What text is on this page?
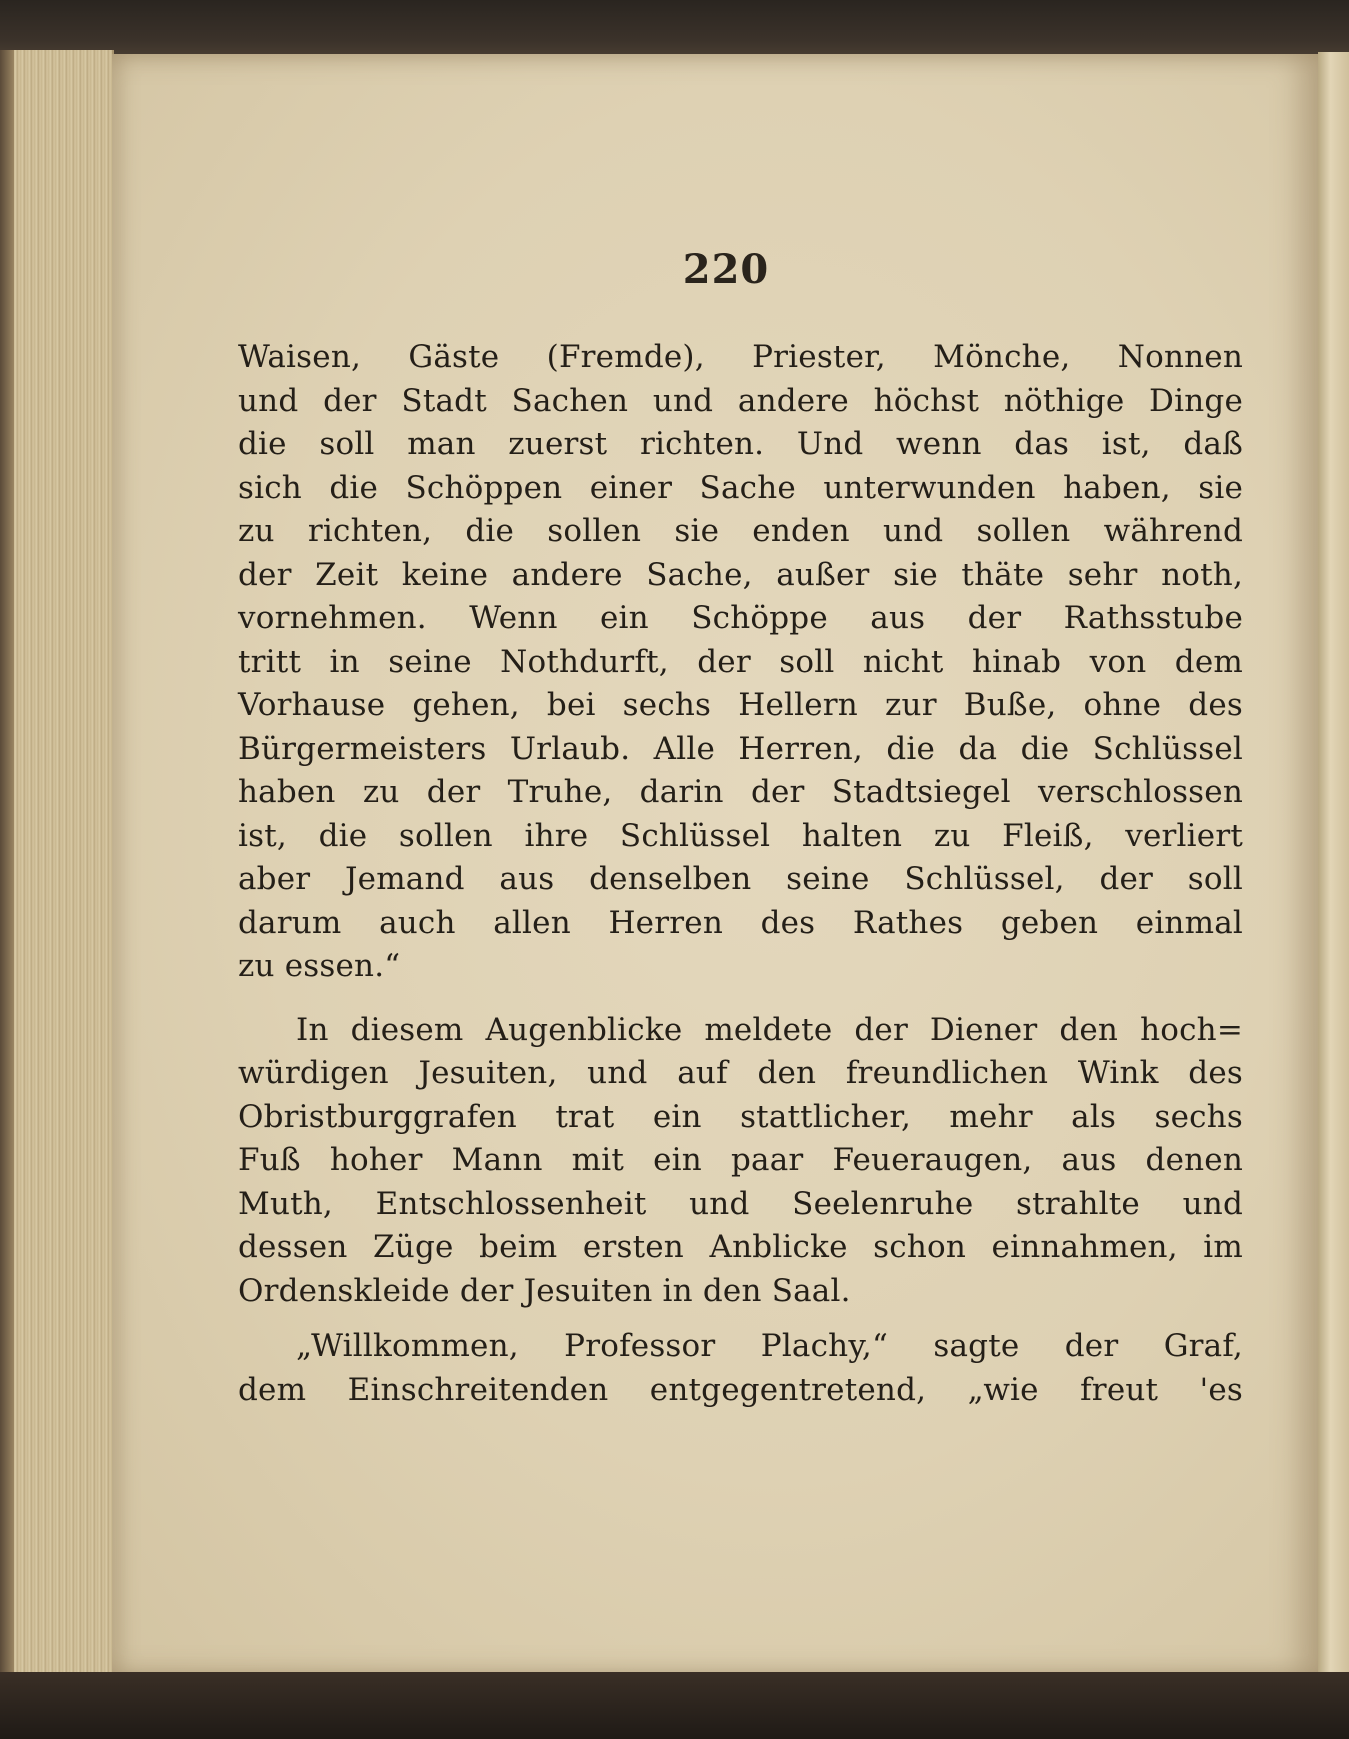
220
Waisen, Gäste (Fremde), Priester, Mönche, Nonnen
und der Stadt Sachen und andere höchst nöthige Dinge
die soll man zuerst richten. Und wenn das ist, daß
sich die Schöppen einer Sache unterwunden haben, sie
zu richten, die sollen sie enden und sollen während
der Zeit keine andere Sache, außer sie thäte sehr noth,
vornehmen. Wenn ein Schöppe aus der Rathsstube
tritt in seine Nothdurft, der soll nicht hinab von dem
Vorhause gehen, bei sechs Hellern zur Buße, ohne des
Bürgermeisters Urlaub. Alle Herren, die da die Schlüssel
haben zu der Truhe, darin der Stadtsiegel verschlossen
ist, die sollen ihre Schlüssel halten zu Fleiß, verliert
aber Jemand aus denselben seine Schlüssel, der soll
darum auch allen Herren des Rathes geben einmal
zu essen.“
In diesem Augenblicke meldete der Diener den hoch=
würdigen Jesuiten, und auf den freundlichen Wink des
Obristburggrafen trat ein stattlicher, mehr als sechs
Fuß hoher Mann mit ein paar Feueraugen, aus denen
Muth, Entschlossenheit und Seelenruhe strahlte und
dessen Züge beim ersten Anblicke schon einnahmen, im
Ordenskleide der Jesuiten in den Saal.
„Willkommen, Professor Plachy,“ sagte der Graf,
dem Einschreitenden entgegentretend, „wie freut 'es
